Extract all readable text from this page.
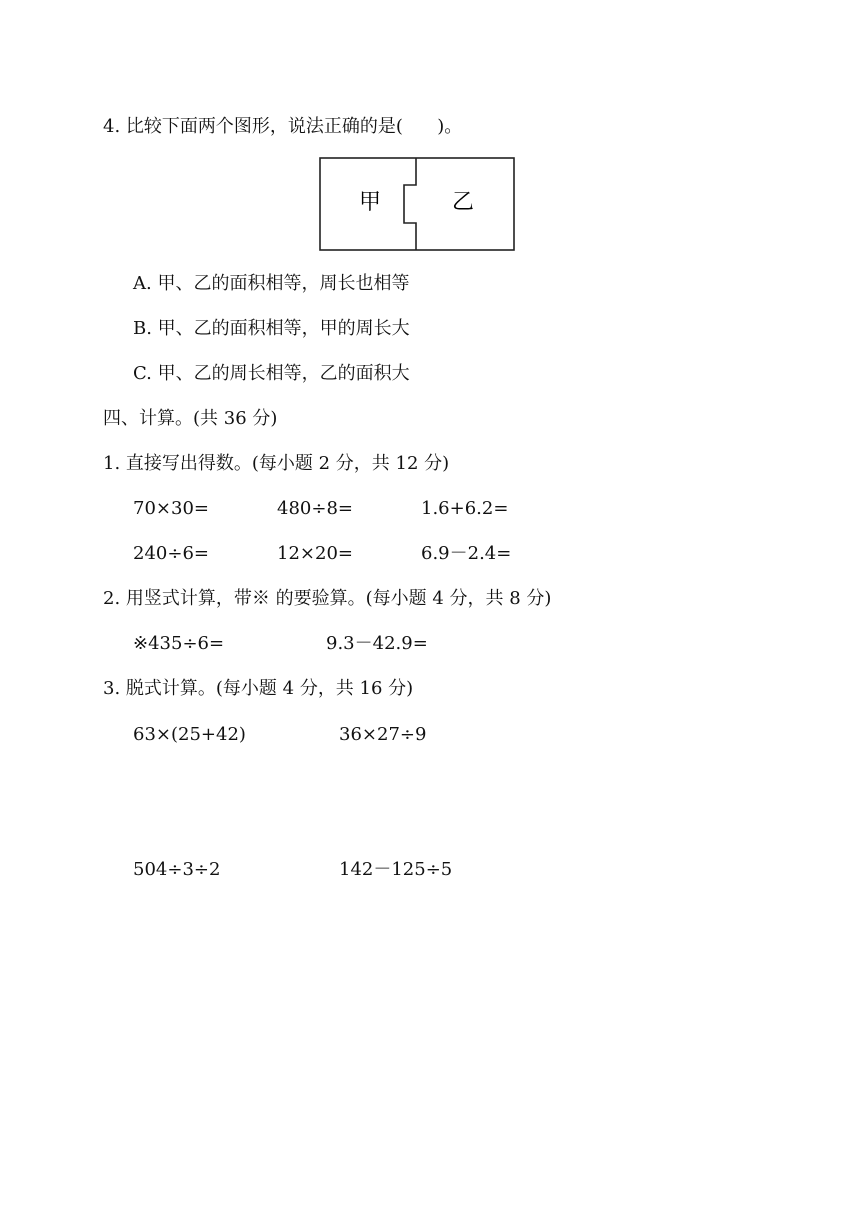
4. 比较下面两个图形，说法正确的是(      )。
甲	乙
A. 甲、乙的面积相等，周长也相等
B. 甲、乙的面积相等，甲的周长大
C. 甲、乙的周长相等，乙的面积大
四、计算。(共 36 分)
1. 直接写出得数。(每小题 2 分，共 12 分)
70×30=	480÷8=	1.6+6.2=
240÷6=	12×20=	6.9－2.4=
2. 用竖式计算，带※ 的要验算。(每小题 4 分，共 8 分)
※435÷6=	9.3－42.9=
3. 脱式计算。(每小题 4 分，共 16 分)
63×(25+42)	36×27÷9
504÷3÷2	142－125÷5
